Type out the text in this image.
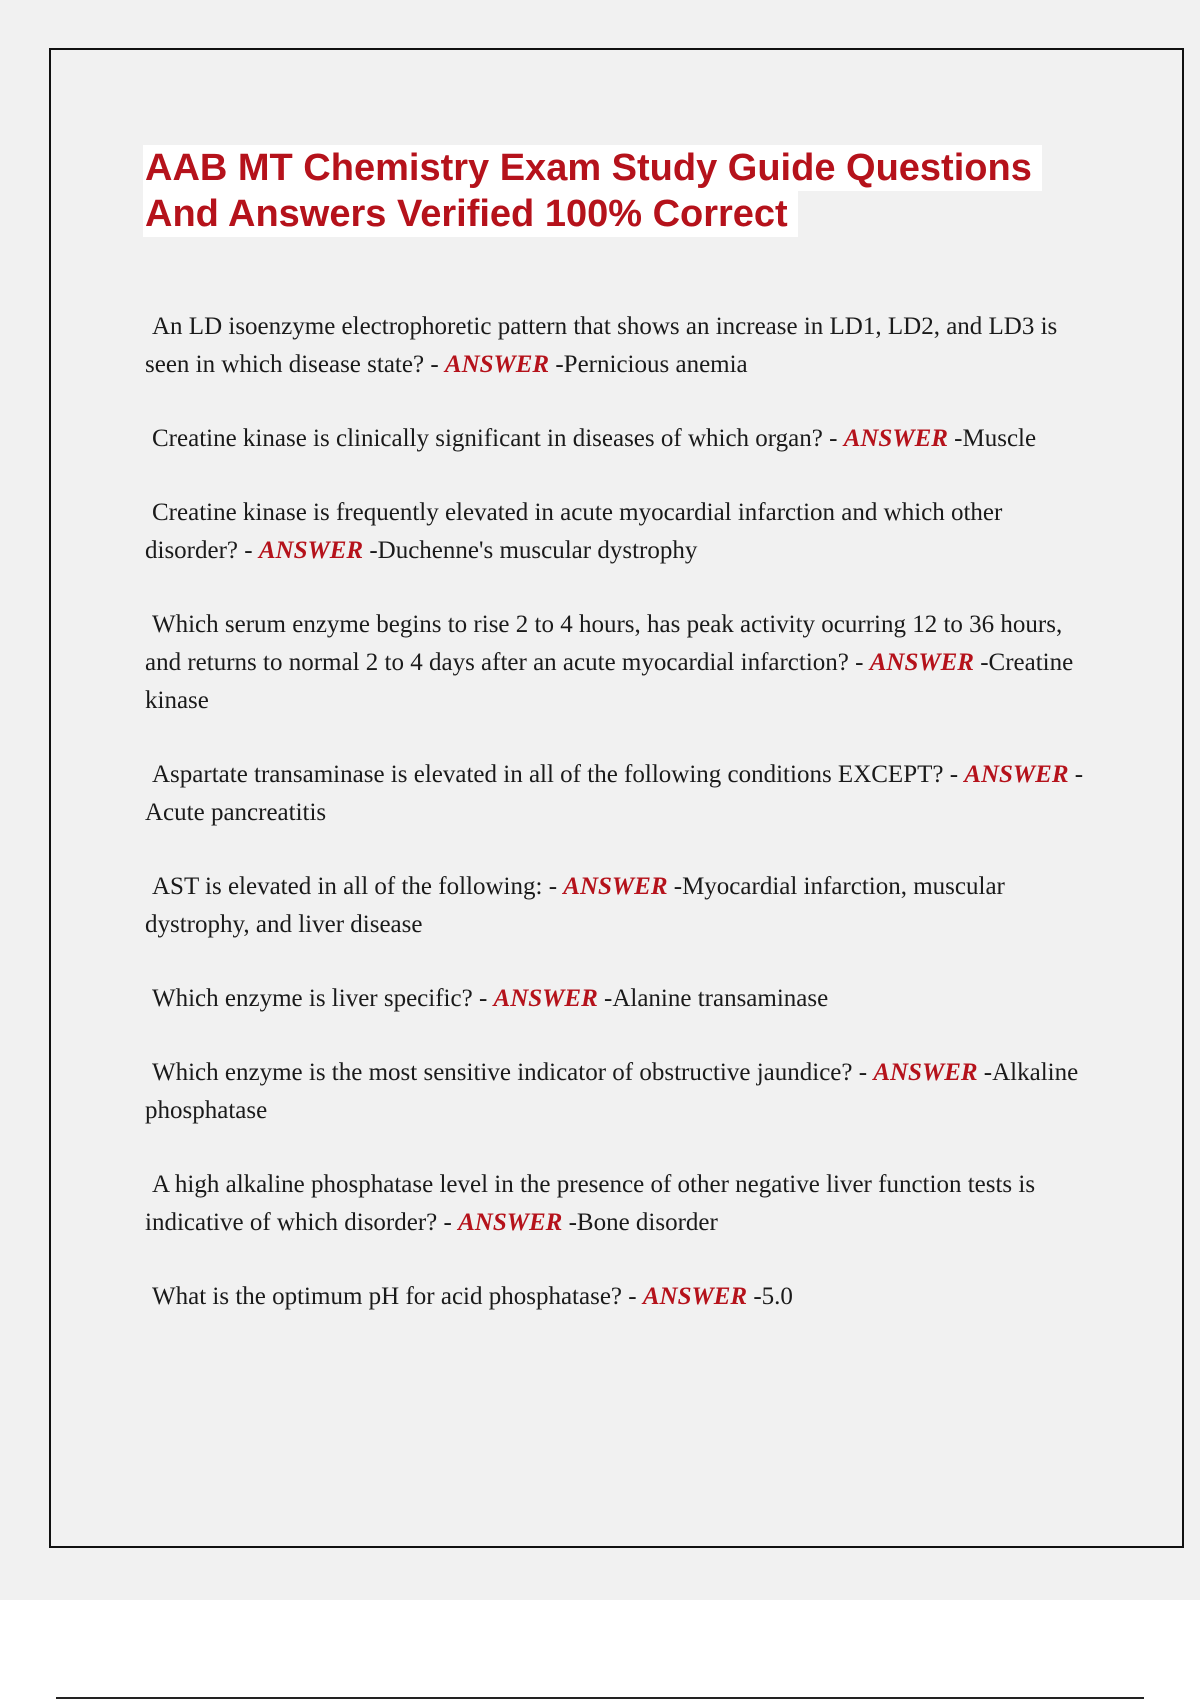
AAB MT Chemistry Exam Study Guide Questions And Answers Verified 100% Correct

An LD isoenzyme electrophoretic pattern that shows an increase in LD1, LD2, and LD3 is seen in which disease state? - ANSWER -Pernicious anemia

Creatine kinase is clinically significant in diseases of which organ? - ANSWER -Muscle

Creatine kinase is frequently elevated in acute myocardial infarction and which other disorder? - ANSWER -Duchenne's muscular dystrophy

Which serum enzyme begins to rise 2 to 4 hours, has peak activity ocurring 12 to 36 hours, and returns to normal 2 to 4 days after an acute myocardial infarction? - ANSWER -Creatine kinase

Aspartate transaminase is elevated in all of the following conditions EXCEPT? - ANSWER -Acute pancreatitis

AST is elevated in all of the following: - ANSWER -Myocardial infarction, muscular dystrophy, and liver disease

Which enzyme is liver specific? - ANSWER -Alanine transaminase

Which enzyme is the most sensitive indicator of obstructive jaundice? - ANSWER -Alkaline phosphatase

A high alkaline phosphatase level in the presence of other negative liver function tests is indicative of which disorder? - ANSWER -Bone disorder

What is the optimum pH for acid phosphatase? - ANSWER -5.0
